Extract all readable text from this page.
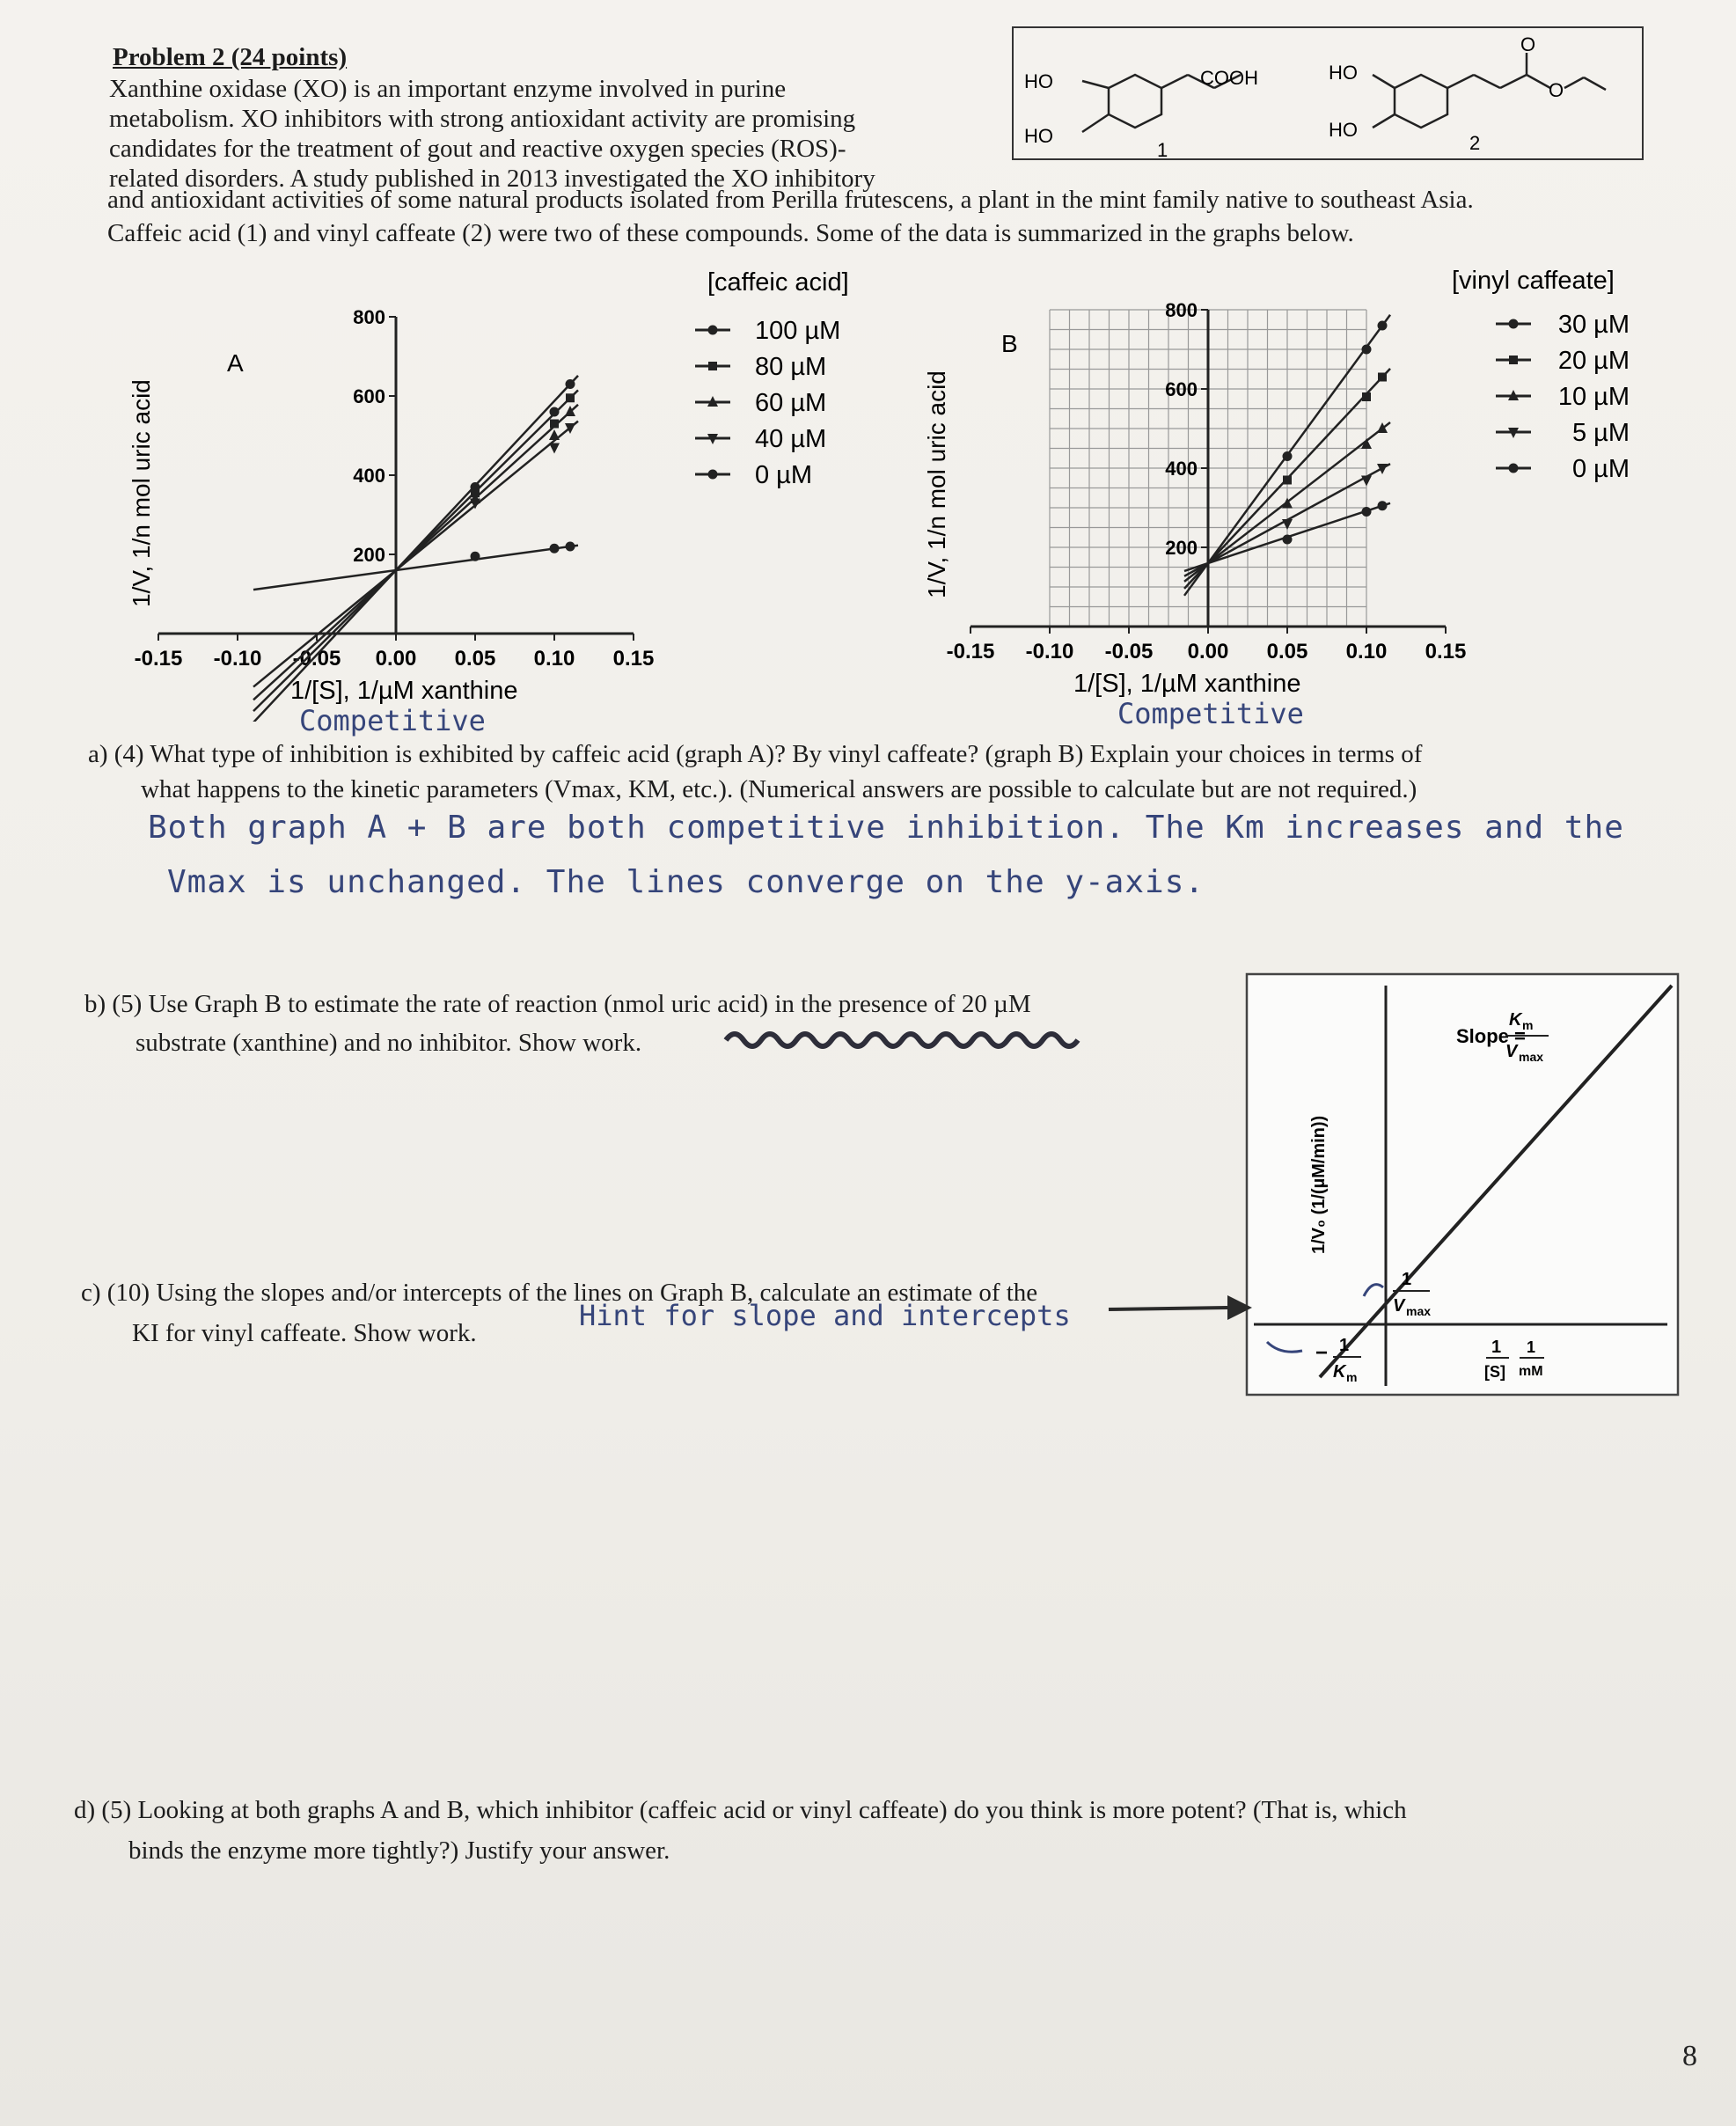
Problem 2 (24 points)
Xanthine oxidase (XO) is an important enzyme involved in purine
metabolism. XO inhibitors with strong antioxidant activity are promising
candidates for the treatment of gout and reactive oxygen species (ROS)-
related disorders. A study published in 2013 investigated the XO inhibitory
and antioxidant activities of some natural products isolated from Perilla frutescens, a plant in the mint family native to southeast Asia.
Caffeic acid (1) and vinyl caffeate (2) were two of these compounds. Some of the data is summarized in the graphs below.
HO
HO
COOH
1
HO
HO
O
O
2
-0.15 -0.10 -0.05 0.00 0.05 0.10 0.15
200
400
600
800
A
[caffeic acid]
100 µM
80 µM
60 µM
40 µM
0 µM
1/[S], 1/µM xanthine
1/V, 1/n mol uric acid
Competitive
-0.15 -0.10 -0.05 0.00 0.05 0.10 0.15
200
400
600
800
B
[vinyl caffeate]
30 µM
20 µM
10 µM
5 µM
0 µM
1/[S], 1/µM xanthine
1/V, 1/n mol uric acid
Competitive
a) (4) What type of inhibition is exhibited by caffeic acid (graph A)? By vinyl caffeate? (graph B) Explain your choices in terms of
what happens to the kinetic parameters (Vmax, KM, etc.). (Numerical answers are possible to calculate but are not required.)
Both graph A + B are both competitive inhibition. The Km increases and the
Vmax is unchanged. The lines converge on the y-axis.
b) (5) Use Graph B to estimate the rate of reaction (nmol uric acid) in the presence of 20 µM
substrate (xanthine) and no inhibitor. Show work.	Slope =
K m
V max
1/V₀ (1/(µM/min))
1
V max
− 1
K m
1
[S]
1
mM
c) (10) Using the slopes and/or intercepts of the lines on Graph B, calculate an estimate of the
KI for vinyl caffeate. Show work.
Hint for slope and intercepts
d) (5) Looking at both graphs A and B, which inhibitor (caffeic acid or vinyl caffeate) do you think is more potent? (That is, which
binds the enzyme more tightly?) Justify your answer.
8
